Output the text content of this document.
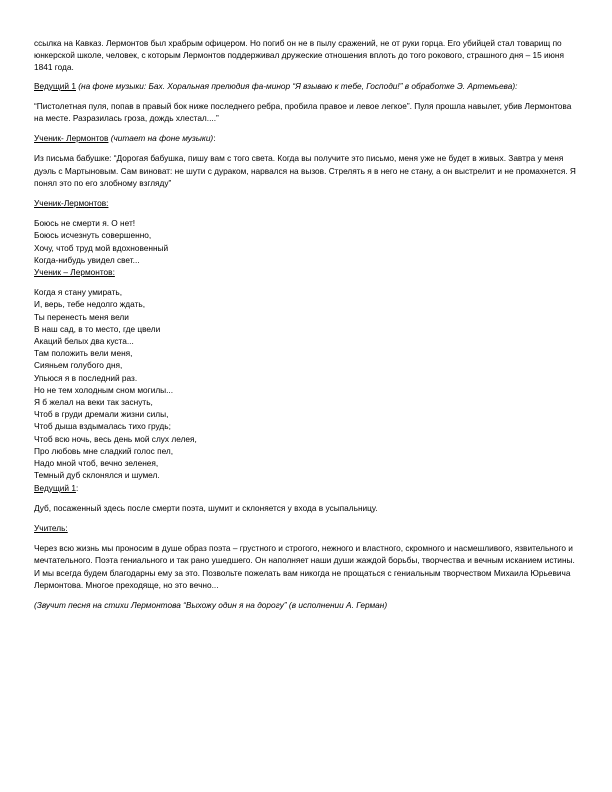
ссылка на Кавказ. Лермонтов был храбрым офицером. Но погиб он не в пылу сражений, не от руки горца. Его убийцей стал товарищ по юнкерской школе, человек, с которым Лермонтов поддерживал дружеские отношения вплоть до того рокового, страшного дня – 15 июня 1841 года.

Ведущий 1 (на фоне музыки: Бах. Хоральная прелюдия фа-минор “Я взываю к тебе, Господи!” в обработке Э. Артемьева):

“Пистолетная пуля, попав в правый бок ниже последнего ребра, пробила правое и левое легкое”. Пуля прошла навылет, убив Лермонтова на месте. Разразилась гроза, дождь хлестал....”

Ученик- Лермонтов (читает на фоне музыки):

Из письма бабушке: “Дорогая бабушка, пишу вам с того света. Когда вы получите это письмо, меня уже не будет в живых. Завтра у меня дуэль с Мартыновым. Сам виноват: не шути с дураком, нарвался на вызов. Стрелять я в него не стану, а он выстрелит и не промахнется. Я понял это по его злобному взгляду”

Ученик-Лермонтов:

Боюсь не смерти я. О нет!

Боюсь исчезнуть совершенно,

Хочу, чтоб труд мой вдохновенный

Когда-нибудь увидел свет...

Ученик – Лермонтов:

Когда я стану умирать,

И, верь, тебе недолго ждать,

Ты перенесть меня вели

В наш сад, в то место, где цвели

Акаций белых два куста...

Там положить вели меня,

Сияньем голубого дня,

Упьюся я в последний раз.

Но не тем холодным сном могилы...

Я б желал на веки так заснуть,

Чтоб в груди дремали жизни силы,

Чтоб дыша вздымалась тихо грудь;

Чтоб всю ночь, весь день мой слух лелея,

Про любовь мне сладкий голос пел,

Надо мной чтоб, вечно зеленея,

Темный дуб склонялся и шумел.

Ведущий 1:

Дуб, посаженный здесь после смерти поэта, шумит и склоняется у входа в усыпальницу.

Учитель:

Через всю жизнь мы проносим в душе образ поэта – грустного и строгого, нежного и властного, скромного и насмешливого, язвительного и мечтательного. Поэта гениального и так рано ушедшего. Он наполняет наши души жаждой борьбы, творчества и вечным исканием истины. И мы всегда будем благодарны ему за это. Позвольте пожелать вам никогда не прощаться с гениальным творчеством Михаила Юрьевича Лермонтова. Многое преходяще, но это вечно...

(Звучит песня на стихи Лермонтова “Выхожу один я на дорогу” (в исполнении А. Герман)
